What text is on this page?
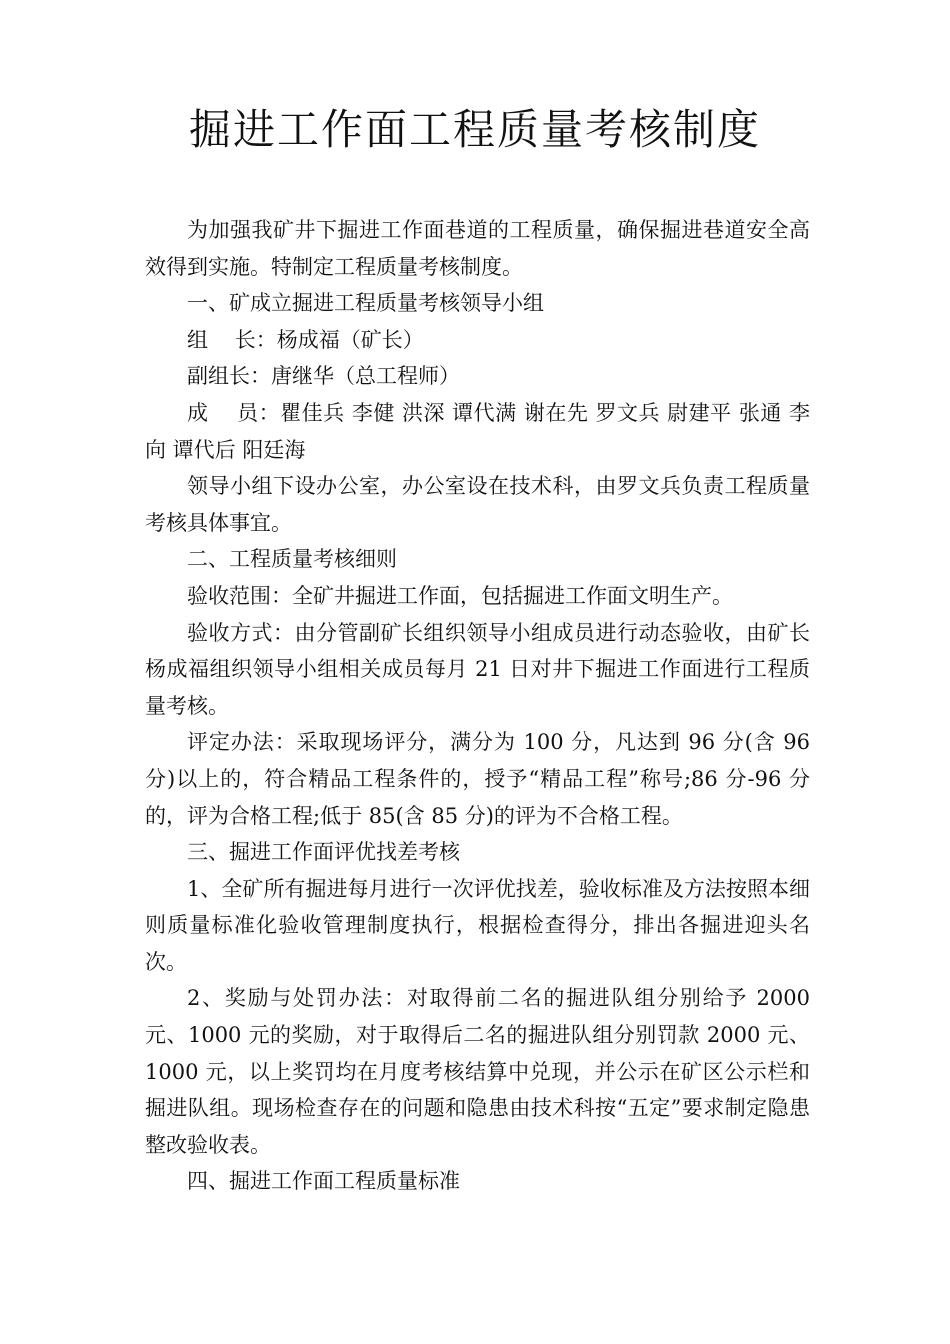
掘进工作面工程质量考核制度

为加强我矿井下掘进工作面巷道的工程质量，确保掘进巷道安全高效得到实施。特制定工程质量考核制度。

一、矿成立掘进工程质量考核领导小组

组    长：杨成福（矿长）

副组长：唐继华（总工程师）

成    员：瞿佳兵 李健 洪深 谭代满 谢在先 罗文兵 尉建平 张通 李向 谭代后 阳廷海

领导小组下设办公室，办公室设在技术科，由罗文兵负责工程质量考核具体事宜。

二、工程质量考核细则

验收范围：全矿井掘进工作面，包括掘进工作面文明生产。

验收方式：由分管副矿长组织领导小组成员进行动态验收，由矿长杨成福组织领导小组相关成员每月 21 日对井下掘进工作面进行工程质量考核。

评定办法：采取现场评分，满分为 100 分，凡达到 96 分(含 96 分)以上的，符合精品工程条件的，授予“精品工程”称号;86 分-96 分的，评为合格工程;低于 85(含 85 分)的评为不合格工程。

三、掘进工作面评优找差考核

1、全矿所有掘进每月进行一次评优找差，验收标准及方法按照本细则质量标准化验收管理制度执行，根据检查得分，排出各掘进迎头名次。

2、奖励与处罚办法：对取得前二名的掘进队组分别给予 2000 元、1000 元的奖励，对于取得后二名的掘进队组分别罚款 2000 元、1000 元，以上奖罚均在月度考核结算中兑现，并公示在矿区公示栏和掘进队组。现场检查存在的问题和隐患由技术科按“五定”要求制定隐患整改验收表。

四、掘进工作面工程质量标准
